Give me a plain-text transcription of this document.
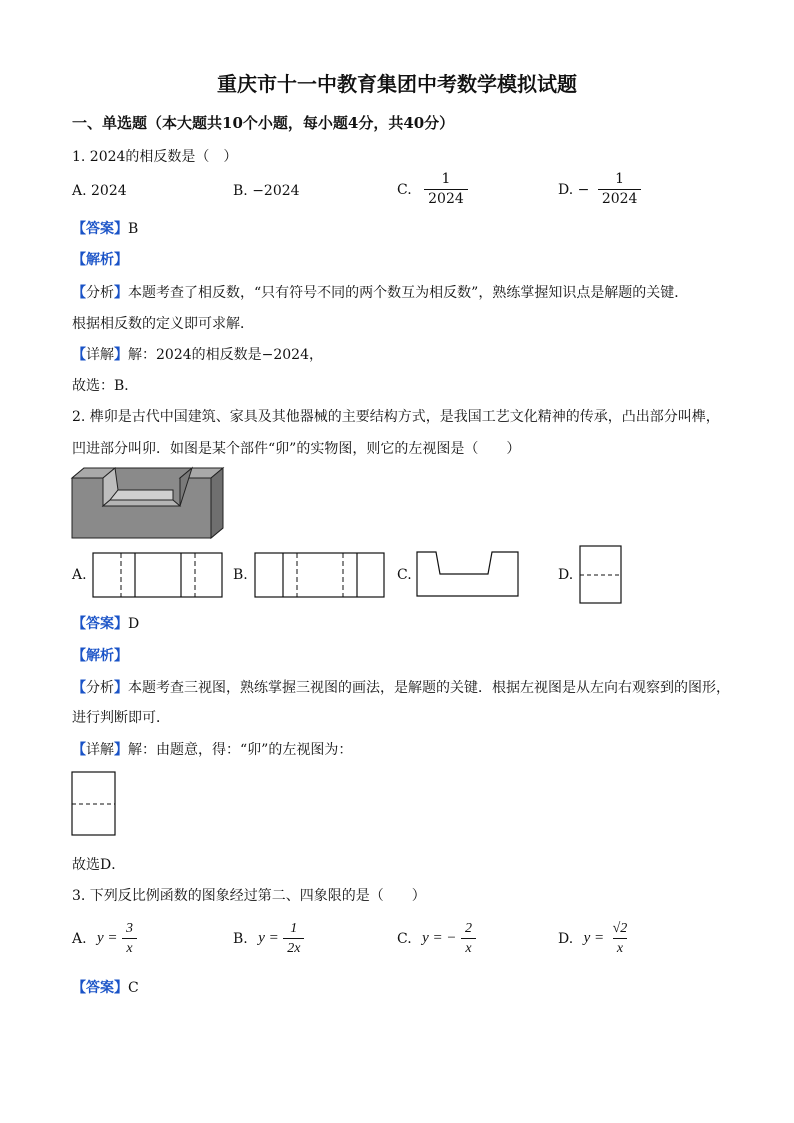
重庆市十一中教育集团中考数学模拟试题
一、单选题（本大题共10个小题，每小题4分，共40分）
1. 2024的相反数是（　）
A. 2024	B. −2024	C. $\frac{1}{2024}$	D. − $\frac{1}{2024}$
【答案】B
【解析】
【分析】本题考查了相反数，“只有符号不同的两个数互为相反数”，熟练掌握知识点是解题的关键．
根据相反数的定义即可求解．
【详解】解：2024的相反数是−2024，
故选：B．
2. 榫卯是古代中国建筑、家具及其他器械的主要结构方式，是我国工艺文化精神的传承，凸出部分叫榫，
凹进部分叫卯．如图是某个部件“卯”的实物图，则它的左视图是（　　）
A.	B.	C.	D.
【答案】D
【解析】
【分析】本题考查三视图，熟练掌握三视图的画法，是解题的关键．根据左视图是从左向右观察到的图形，
进行判断即可．
【详解】解：由题意，得：“卯”的左视图为：
故选D．
3. 下列反比例函数的图象经过第二、四象限的是（　　）
A. $y = \frac{3}{x}$	B. $y = \frac{1}{2x}$	C. y = − $\frac{2}{x}$	D. $y = \frac{√2}{x}$
【答案】C
